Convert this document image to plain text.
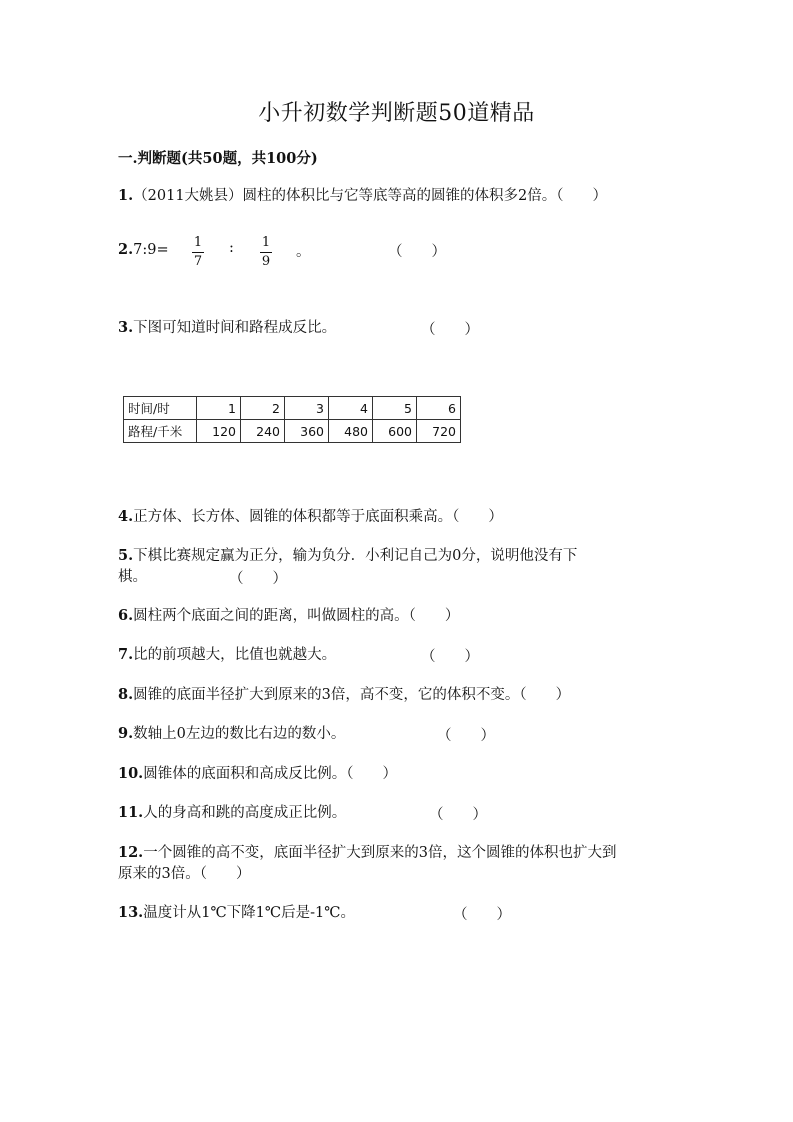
小升初数学判断题50道精品
一.判断题(共50题，共100分)
1.（2011大姚县）圆柱的体积比与它等底等高的圆锥的体积多2倍。（　　）
2.7:9= 1
7
: 1
9
。	（　　）
3.下图可知道时间和路程成反比。	（　　）
时间/时	1	2	3	4	5	6
路程/千米	120	240	360	480	600	720
4.正方体、长方体、圆锥的体积都等于底面积乘高。（　　）
5.下棋比赛规定赢为正分，输为负分．小利记自己为0分，说明他没有下
棋。	（　　）
6.圆柱两个底面之间的距离，叫做圆柱的高。（　　）
7.比的前项越大，比值也就越大。	（　　）
8.圆锥的底面半径扩大到原来的3倍，高不变，它的体积不变。（　　）
9.数轴上0左边的数比右边的数小。	（　　）
10.圆锥体的底面积和高成反比例。（　　）
11.人的身高和跳的高度成正比例。	（　　）
12.一个圆锥的高不变，底面半径扩大到原来的3倍，这个圆锥的体积也扩大到
原来的3倍。（　　）
13.温度计从1℃下降1℃后是-1℃。	（　　）
